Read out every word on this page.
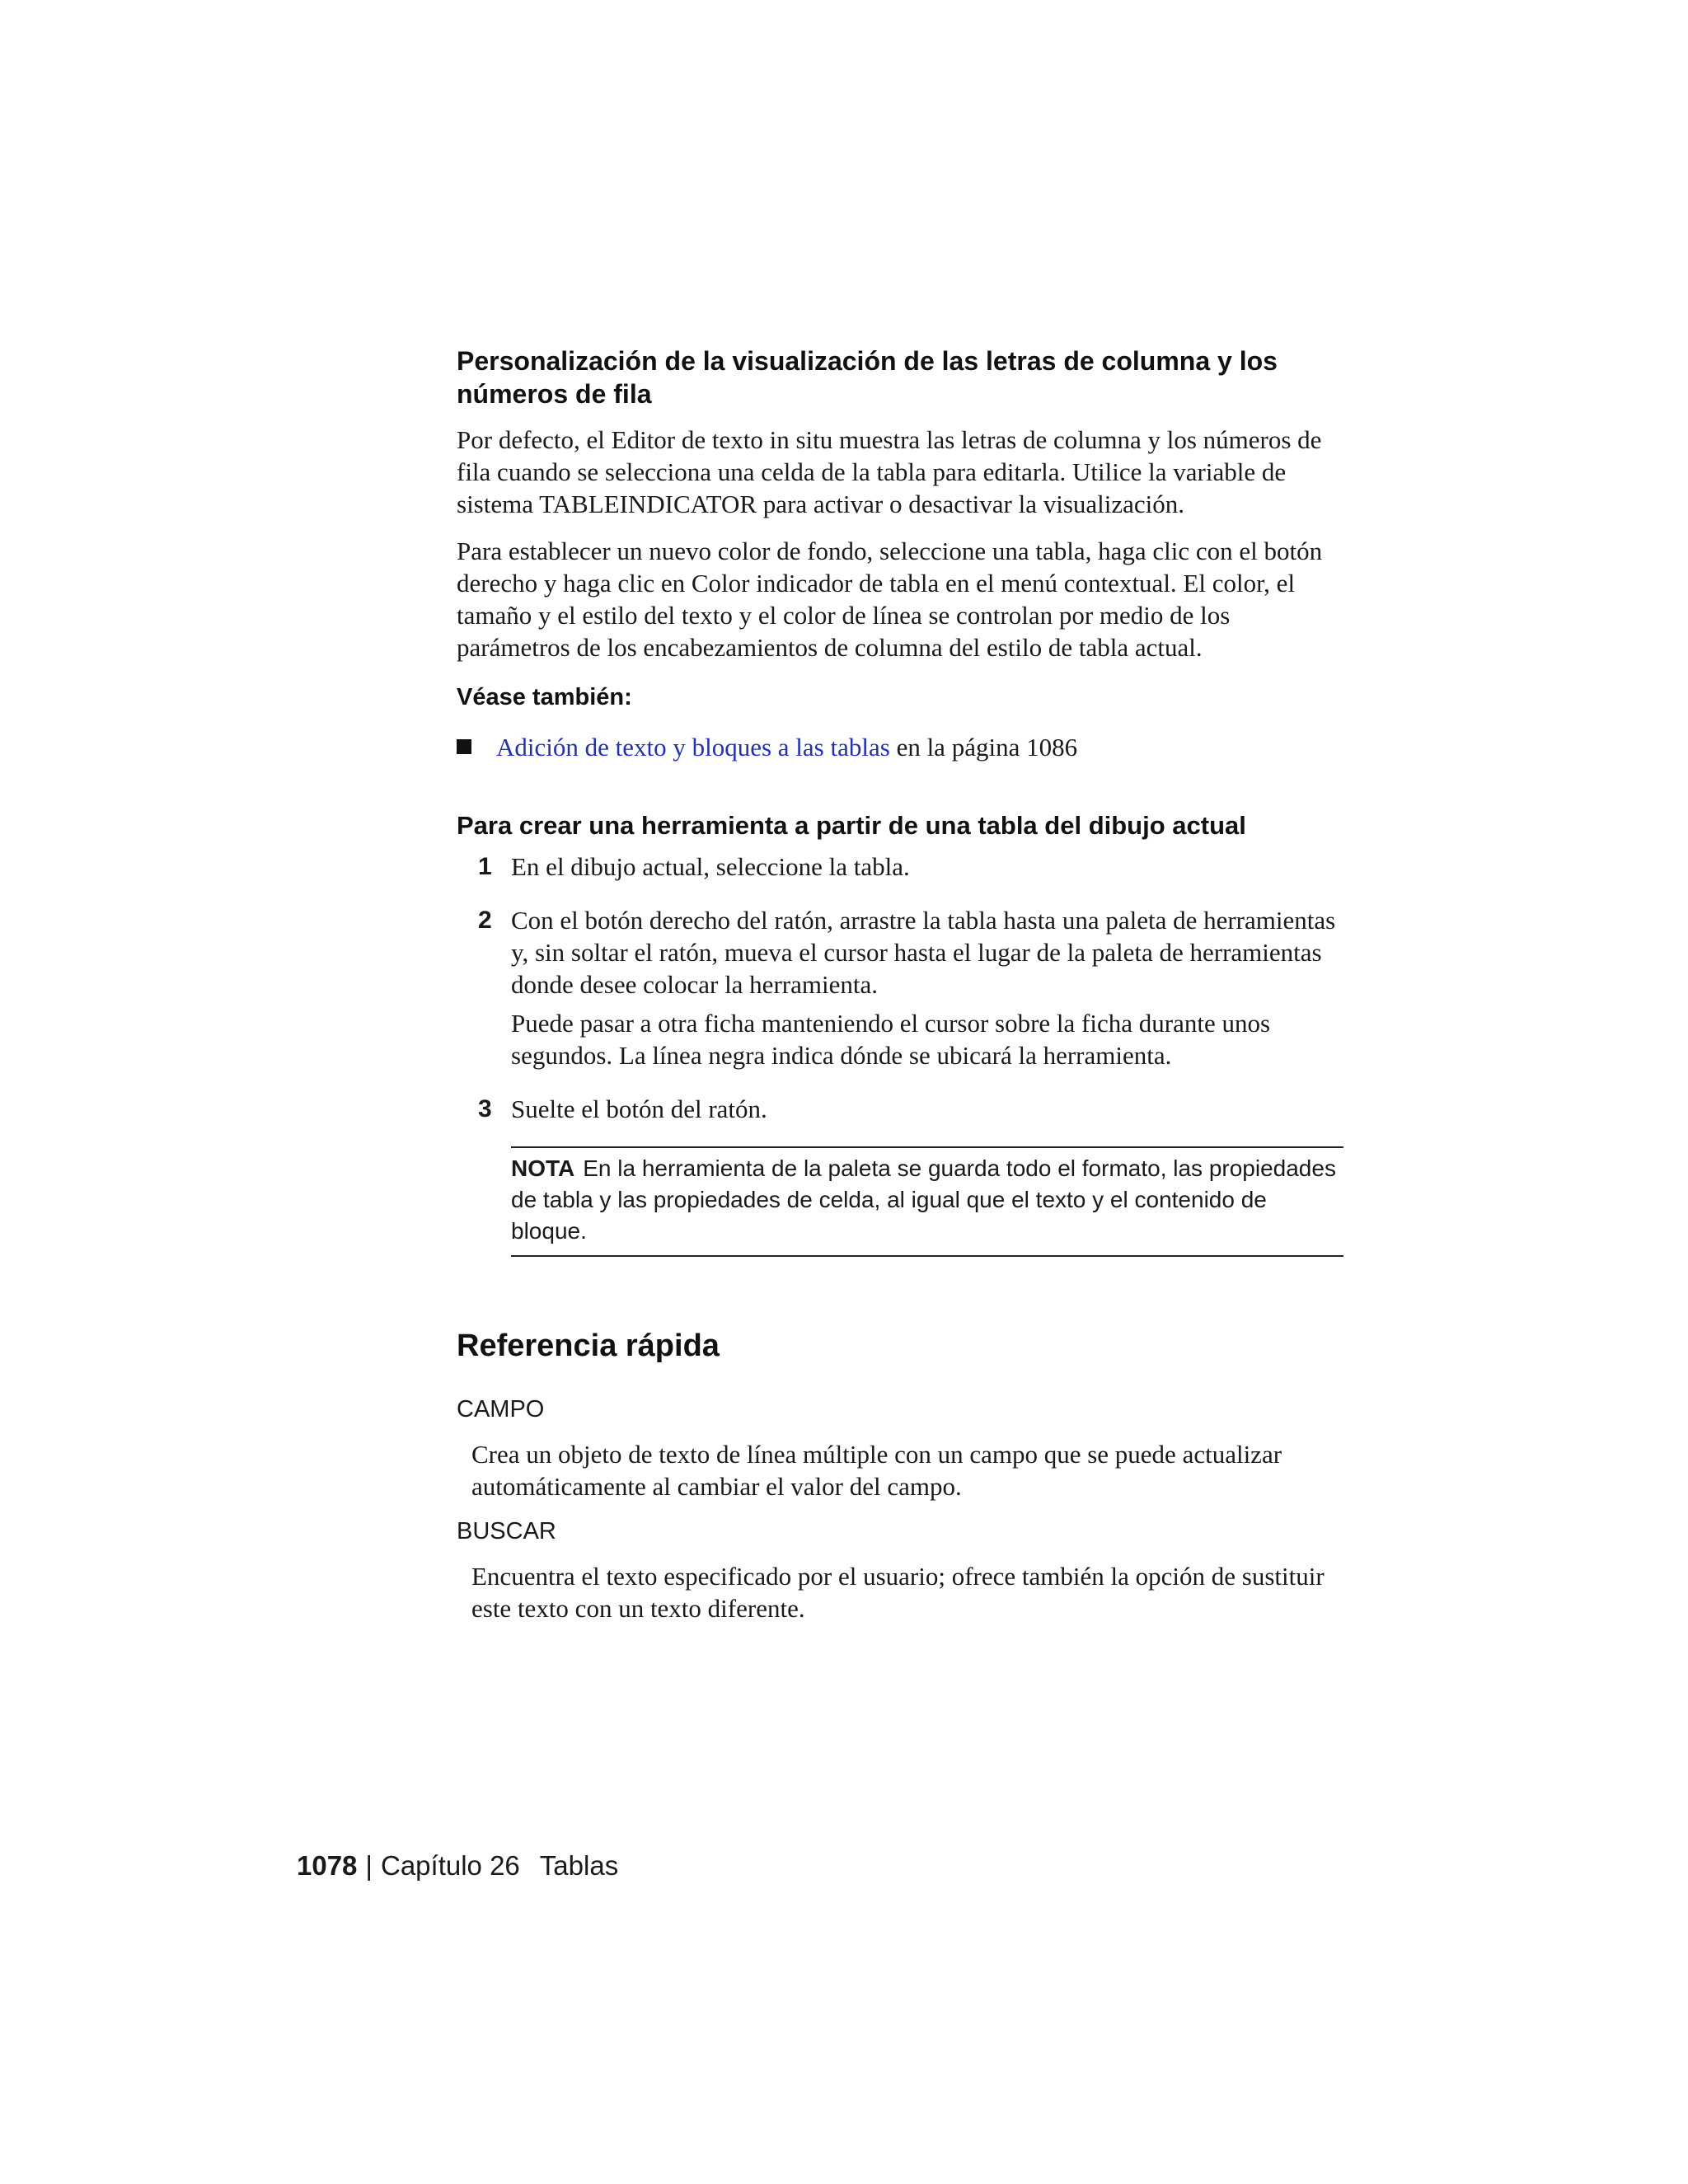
Personalización de la visualización de las letras de columna y los números de fila

Por defecto, el Editor de texto in situ muestra las letras de columna y los números de fila cuando se selecciona una celda de la tabla para editarla. Utilice la variable de sistema TABLEINDICATOR para activar o desactivar la visualización.

Para establecer un nuevo color de fondo, seleccione una tabla, haga clic con el botón derecho y haga clic en Color indicador de tabla en el menú contextual. El color, el tamaño y el estilo del texto y el color de línea se controlan por medio de los parámetros de los encabezamientos de columna del estilo de tabla actual.

Véase también:
Adición de texto y bloques a las tablas en la página 1086
Para crear una herramienta a partir de una tabla del dibujo actual
1 En el dibujo actual, seleccione la tabla.

2 Con el botón derecho del ratón, arrastre la tabla hasta una paleta de herramientas y, sin soltar el ratón, mueva el cursor hasta el lugar de la paleta de herramientas donde desee colocar la herramienta.

Puede pasar a otra ficha manteniendo el cursor sobre la ficha durante unos segundos. La línea negra indica dónde se ubicará la herramienta.

3 Suelte el botón del ratón.

NOTA En la herramienta de la paleta se guarda todo el formato, las propiedades de tabla y las propiedades de celda, al igual que el texto y el contenido de bloque.
Referencia rápida
CAMPO

Crea un objeto de texto de línea múltiple con un campo que se puede actualizar automáticamente al cambiar el valor del campo.

BUSCAR

Encuentra el texto especificado por el usuario; ofrece también la opción de sustituir este texto con un texto diferente.

1078 | Capítulo 26 Tablas
